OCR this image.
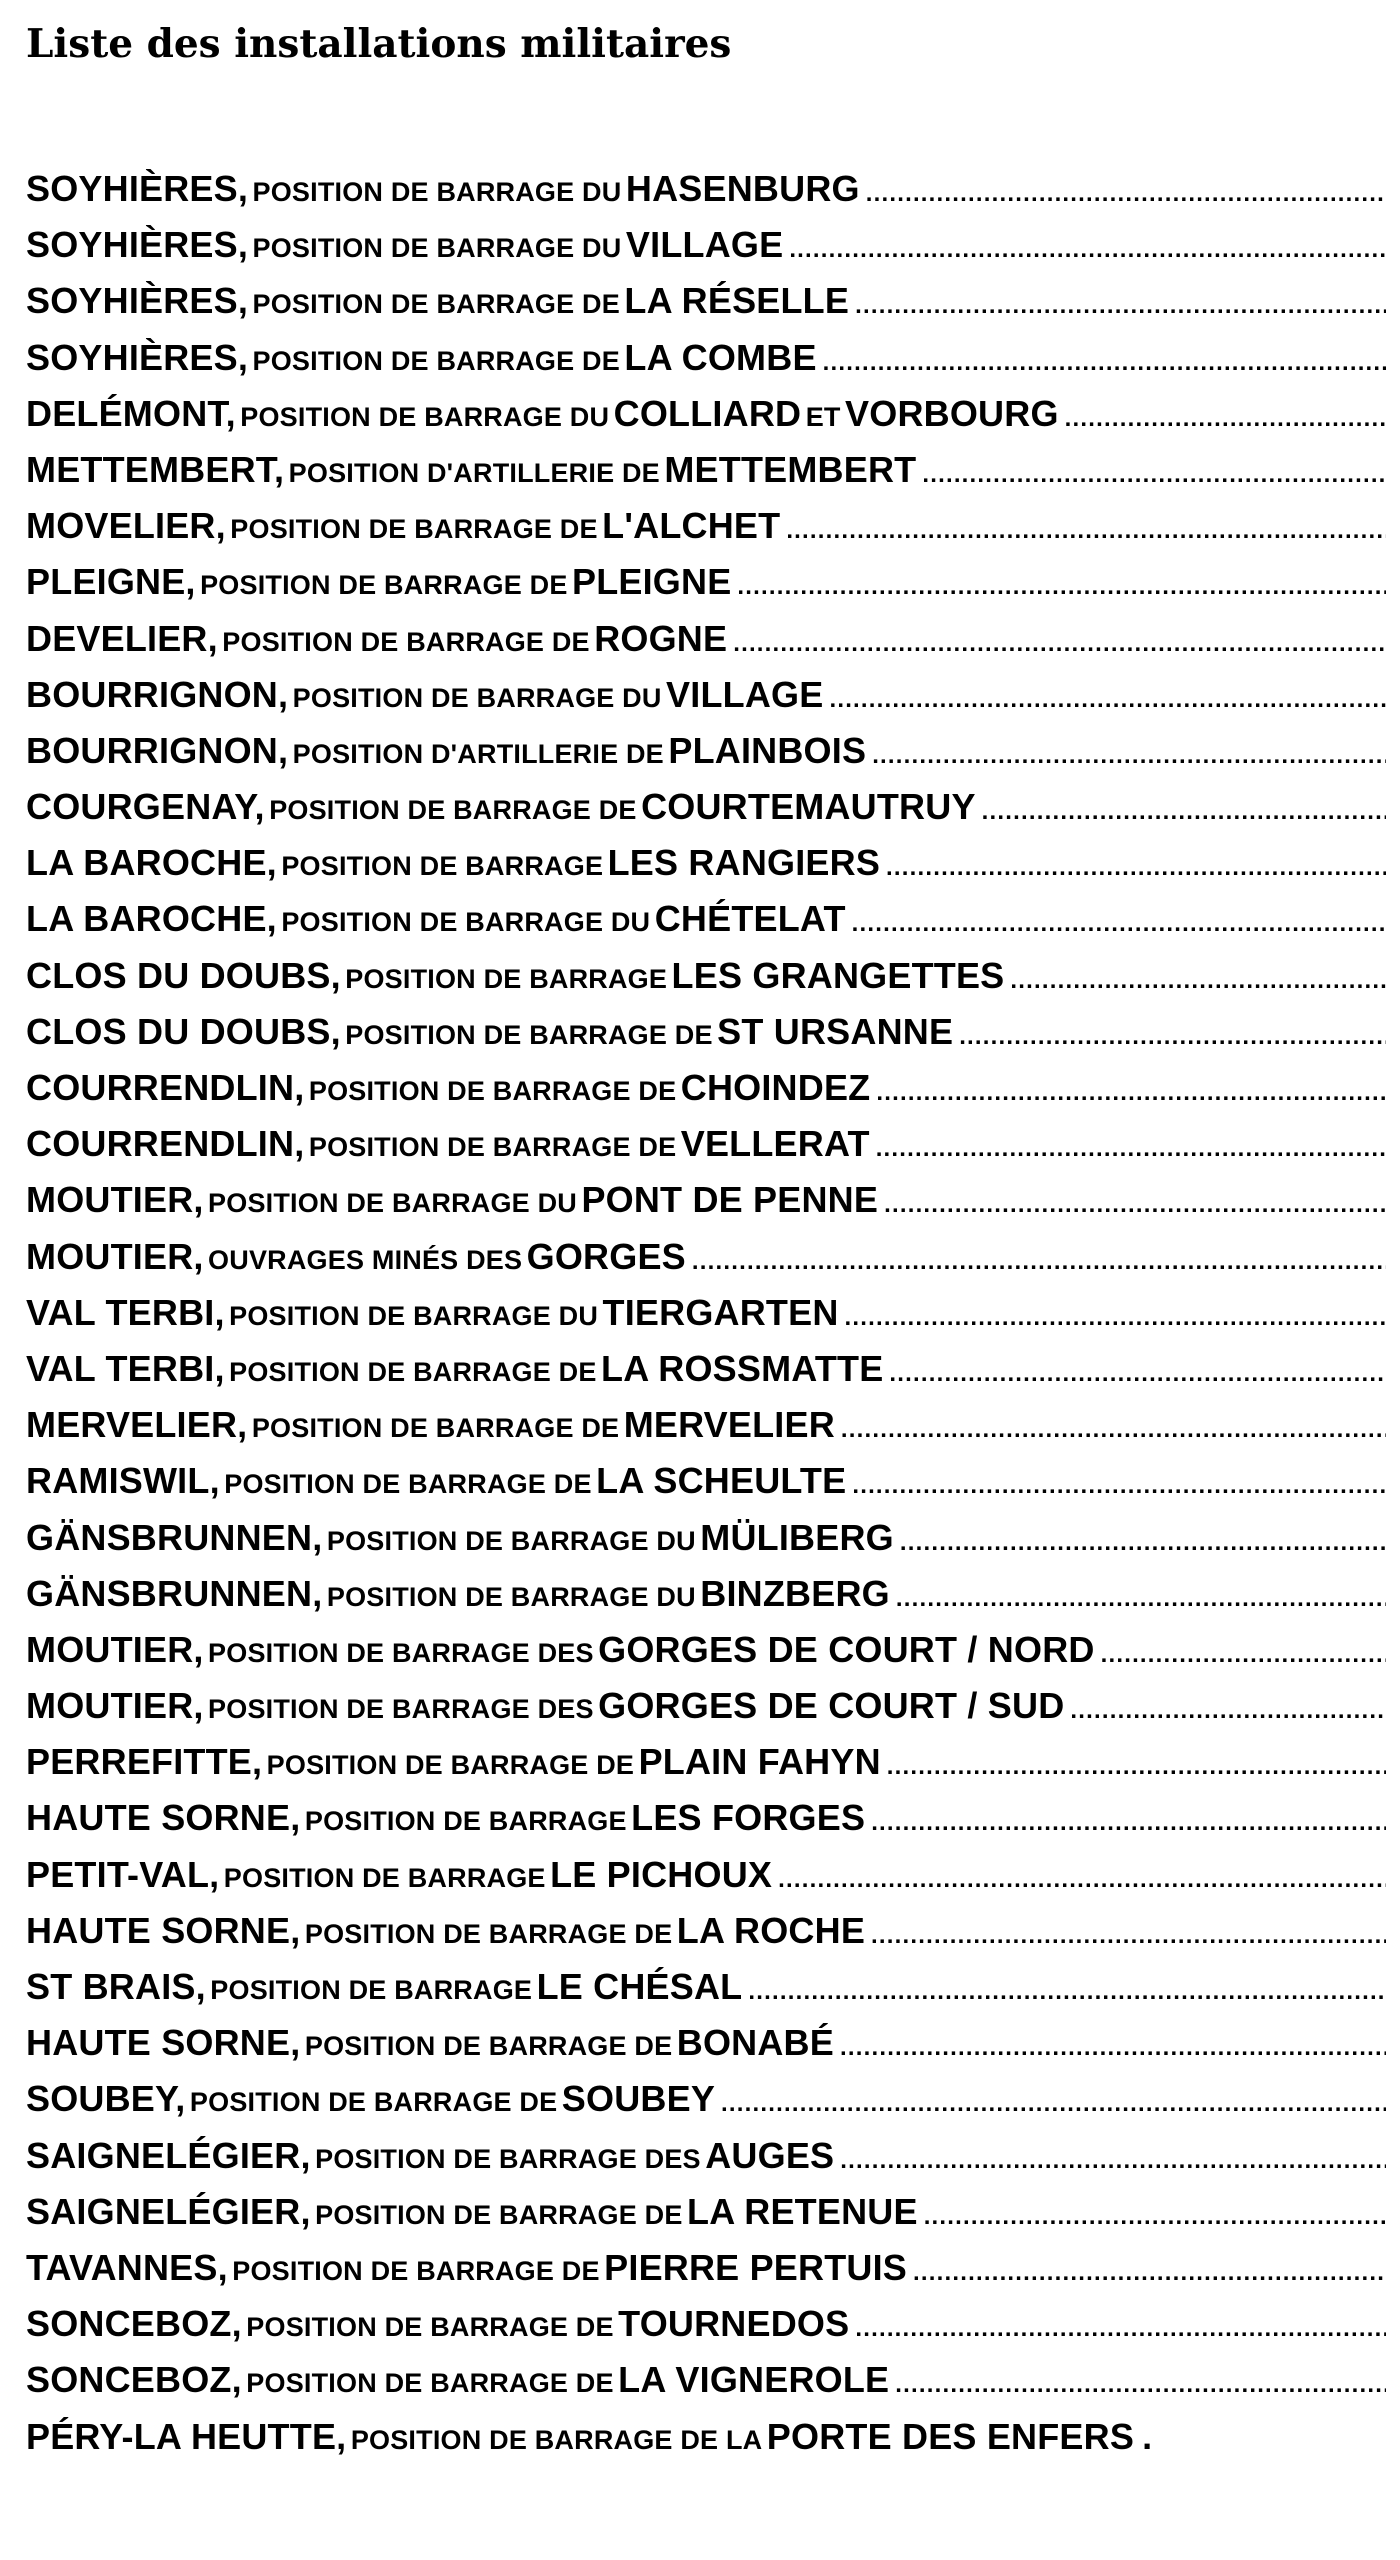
Liste des installations militaires
SOYHIÈRES, POSITION DE BARRAGE DU HASENBURG
.....
SOYHIÈRES, POSITION DE BARRAGE DU VILLAGE
.....
SOYHIÈRES, POSITION DE BARRAGE DE LA RÉSELLE
.....
SOYHIÈRES, POSITION DE BARRAGE DE LA COMBE
.....
DELÉMONT, POSITION DE BARRAGE DU COLLIARD ET VORBOURG
.....
METTEMBERT, POSITION D'ARTILLERIE DE METTEMBERT
.....
MOVELIER, POSITION DE BARRAGE DE L'ALCHET
.....
PLEIGNE, POSITION DE BARRAGE DE PLEIGNE
.....
DEVELIER, POSITION DE BARRAGE DE ROGNE
.....
BOURRIGNON, POSITION DE BARRAGE DU VILLAGE
.....
BOURRIGNON, POSITION D'ARTILLERIE DE PLAINBOIS
.....
COURGENAY, POSITION DE BARRAGE DE COURTEMAUTRUY
.....
LA BAROCHE, POSITION DE BARRAGE LES RANGIERS
.....
LA BAROCHE, POSITION DE BARRAGE DU CHÉTELAT
.....
CLOS DU DOUBS, POSITION DE BARRAGE LES GRANGETTES
.....
CLOS DU DOUBS, POSITION DE BARRAGE DE ST URSANNE
.....
COURRENDLIN, POSITION DE BARRAGE DE CHOINDEZ
.....
COURRENDLIN, POSITION DE BARRAGE DE VELLERAT
.....
MOUTIER, POSITION DE BARRAGE DU PONT DE PENNE
.....
MOUTIER, OUVRAGES MINÉS DES GORGES
.....
VAL TERBI, POSITION DE BARRAGE DU TIERGARTEN
.....
VAL TERBI, POSITION DE BARRAGE DE LA ROSSMATTE
.....
MERVELIER, POSITION DE BARRAGE DE MERVELIER
.....
RAMISWIL, POSITION DE BARRAGE DE LA SCHEULTE
.....
GÄNSBRUNNEN, POSITION DE BARRAGE DU MÜLIBERG
.....
GÄNSBRUNNEN, POSITION DE BARRAGE DU BINZBERG
.....
MOUTIER, POSITION DE BARRAGE DES GORGES DE COURT / NORD
.....
MOUTIER, POSITION DE BARRAGE DES GORGES DE COURT / SUD
.....
PERREFITTE, POSITION DE BARRAGE DE PLAIN FAHYN
.....
HAUTE SORNE, POSITION DE BARRAGE LES FORGES
.....
PETIT-VAL, POSITION DE BARRAGE LE PICHOUX
.....
HAUTE SORNE, POSITION DE BARRAGE DE LA ROCHE
.....
ST BRAIS, POSITION DE BARRAGE LE CHÉSAL
.....
HAUTE SORNE, POSITION DE BARRAGE DE BONABÉ
.....
SOUBEY, POSITION DE BARRAGE DE SOUBEY
.....
SAIGNELÉGIER, POSITION DE BARRAGE DES AUGES
.....
SAIGNELÉGIER, POSITION DE BARRAGE DE LA RETENUE
.....
TAVANNES, POSITION DE BARRAGE DE PIERRE PERTUIS
.....
SONCEBOZ, POSITION DE BARRAGE DE TOURNEDOS
.....
SONCEBOZ, POSITION DE BARRAGE DE LA VIGNEROLE
.....
PÉRY-LA HEUTTE, POSITION DE BARRAGE DE LA PORTE DES ENFERS .
